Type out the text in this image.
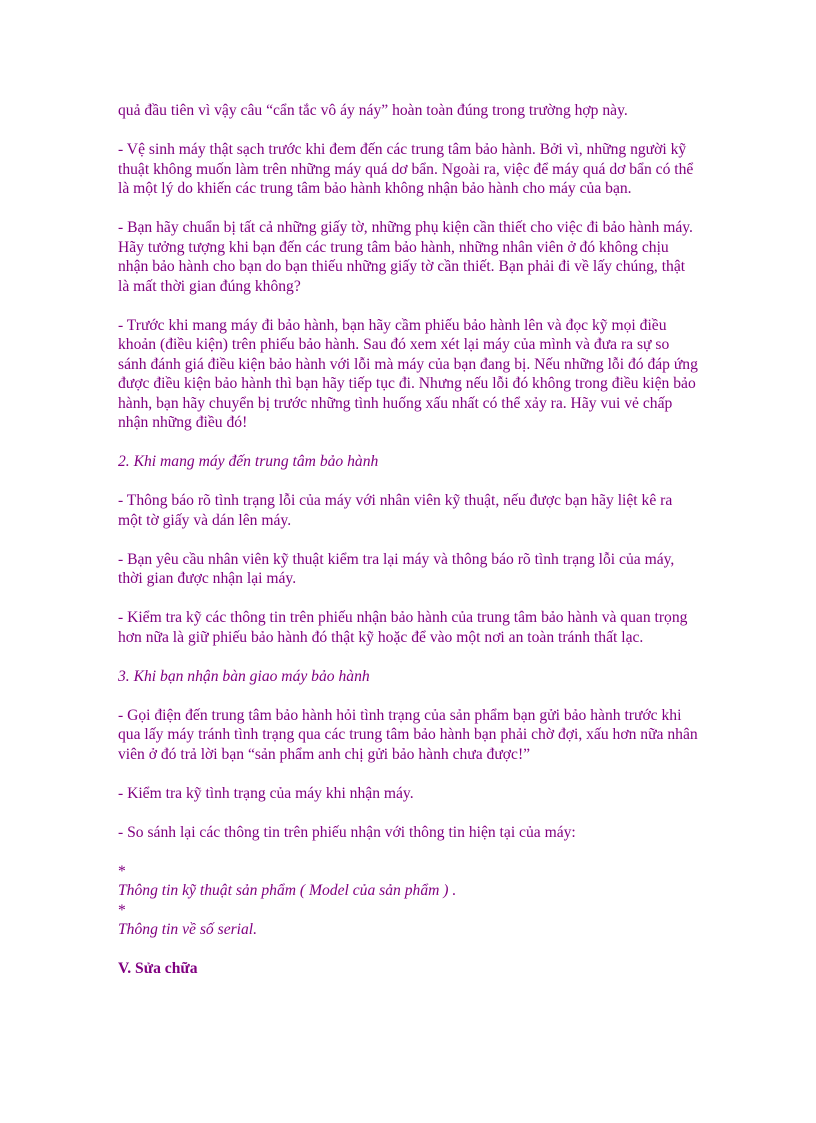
quả đầu tiên vì vậy câu “cẩn tắc vô áy náy” hoàn toàn đúng trong trường hợp này.

- Vệ sinh máy thật sạch trước khi đem đến các trung tâm bảo hành. Bởi vì, những người kỹ thuật không muốn làm trên những máy quá dơ bẩn. Ngoài ra, việc để máy quá dơ bẩn có thể là một lý do khiến các trung tâm bảo hành không nhận bảo hành cho máy của bạn.

- Bạn hãy chuẩn bị tất cả những giấy tờ, những phụ kiện cần thiết cho việc đi bảo hành máy. Hãy tưởng tượng khi bạn đến các trung tâm bảo hành, những nhân viên ở đó không chịu nhận bảo hành cho bạn do bạn thiếu những giấy tờ cần thiết. Bạn phải đi về lấy chúng, thật là mất thời gian đúng không?

- Trước khi mang máy đi bảo hành, bạn hãy cầm phiếu bảo hành lên và đọc kỹ mọi điều khoản (điều kiện) trên phiếu bảo hành. Sau đó xem xét lại máy của mình và đưa ra sự so sánh đánh giá điều kiện bảo hành với lỗi mà máy của bạn đang bị. Nếu những lỗi đó đáp ứng được điều kiện bảo hành thì bạn hãy tiếp tục đi. Nhưng nếu lỗi đó không trong điều kiện bảo hành, bạn hãy chuyển bị trước những tình huống xấu nhất có thể xảy ra. Hãy vui vẻ chấp nhận những điều đó!

2. Khi mang máy đến trung tâm bảo hành

- Thông báo rõ tình trạng lỗi của máy với nhân viên kỹ thuật, nếu được bạn hãy liệt kê ra một tờ giấy và dán lên máy.

- Bạn yêu cầu nhân viên kỹ thuật kiểm tra lại máy và thông báo rõ tình trạng lỗi của máy, thời gian được nhận lại máy.

- Kiểm tra kỹ các thông tin trên phiếu nhận bảo hành của trung tâm bảo hành và quan trọng hơn nữa là giữ phiếu bảo hành đó thật kỹ hoặc để vào một nơi an toàn tránh thất lạc.

3. Khi bạn nhận bàn giao máy bảo hành

- Gọi điện đến trung tâm bảo hành hỏi tình trạng của sản phẩm bạn gửi bảo hành trước khi qua lấy máy tránh tình trạng qua các trung tâm bảo hành bạn phải chờ đợi, xấu hơn nữa nhân viên ở đó trả lời bạn “sản phẩm anh chị gửi bảo hành chưa được!”

- Kiểm tra kỹ tình trạng của máy khi nhận máy.

- So sánh lại các thông tin trên phiếu nhận với thông tin hiện tại của máy:

*

Thông tin kỹ thuật sản phẩm ( Model của sản phẩm ) .

*

Thông tin về số serial.

V. Sửa chữa
